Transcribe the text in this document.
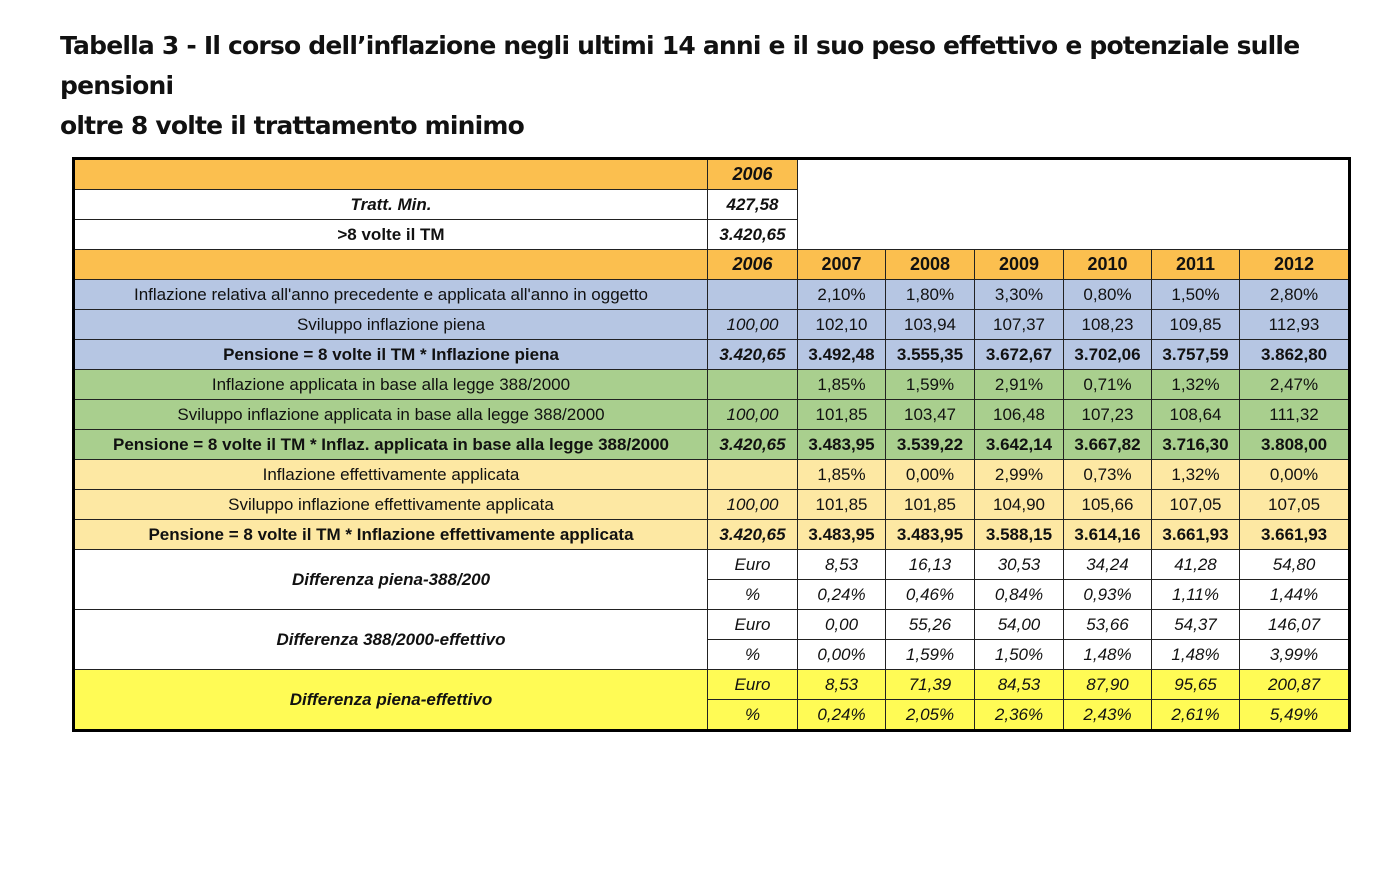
Tabella 3 - Il corso dell’inflazione negli ultimi 14 anni e il suo peso effettivo e potenziale sulle pensioni
oltre 8 volte il trattamento minimo
	2006						
Tratt. Min.	427,58						
>8 volte il TM	3.420,65						
	2006	2007	2008	2009	2010	2011	2012
Inflazione relativa all'anno precedente e applicata all'anno in oggetto		2,10%	1,80%	3,30%	0,80%	1,50%	2,80%
Sviluppo inflazione piena	100,00	102,10	103,94	107,37	108,23	109,85	112,93
Pensione = 8 volte il TM * Inflazione piena	3.420,65	3.492,48	3.555,35	3.672,67	3.702,06	3.757,59	3.862,80
Inflazione applicata in base alla legge 388/2000		1,85%	1,59%	2,91%	0,71%	1,32%	2,47%
Sviluppo inflazione applicata in base alla legge 388/2000	100,00	101,85	103,47	106,48	107,23	108,64	111,32
Pensione = 8 volte il TM * Inflaz. applicata in base alla legge 388/2000	3.420,65	3.483,95	3.539,22	3.642,14	3.667,82	3.716,30	3.808,00
Inflazione effettivamente applicata		1,85%	0,00%	2,99%	0,73%	1,32%	0,00%
Sviluppo inflazione effettivamente applicata	100,00	101,85	101,85	104,90	105,66	107,05	107,05
Pensione = 8 volte il TM * Inflazione effettivamente applicata	3.420,65	3.483,95	3.483,95	3.588,15	3.614,16	3.661,93	3.661,93
Differenza piena-388/200	Euro	8,53	16,13	30,53	34,24	41,28	54,80
	%	0,24%	0,46%	0,84%	0,93%	1,11%	1,44%
Differenza 388/2000-effettivo	Euro	0,00	55,26	54,00	53,66	54,37	146,07
	%	0,00%	1,59%	1,50%	1,48%	1,48%	3,99%
Differenza piena-effettivo	Euro	8,53	71,39	84,53	87,90	95,65	200,87
	%	0,24%	2,05%	2,36%	2,43%	2,61%	5,49%
